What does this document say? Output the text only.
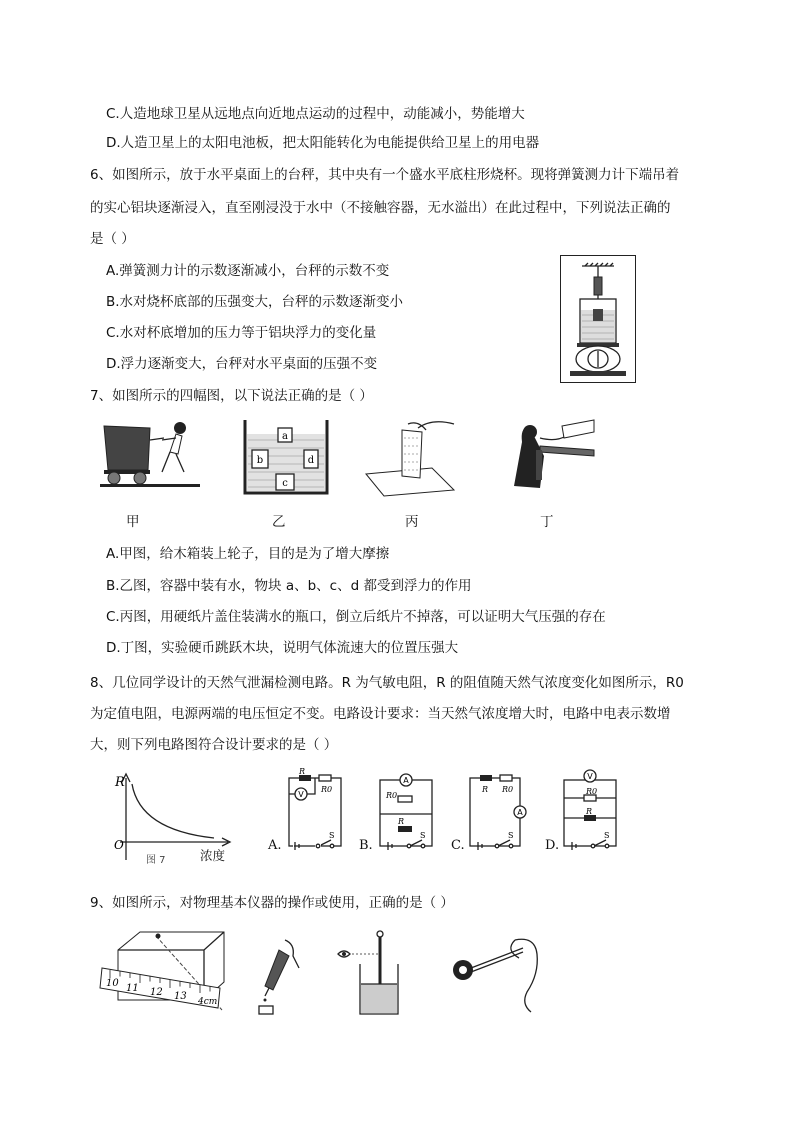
C.人造地球卫星从远地点向近地点运动的过程中，动能减小，势能增大
D.人造卫星上的太阳电池板，把太阳能转化为电能提供给卫星上的用电器
6、如图所示，放于水平桌面上的台秤，其中央有一个盛水平底柱形烧杯。现将弹簧测力计下端吊着
的实心铝块逐渐浸入，直至刚浸没于水中（不接触容器，无水溢出）在此过程中，下列说法正确的
是（ ）
A.弹簧测力计的示数逐渐减小，台秤的示数不变
B.水对烧杯底部的压强变大，台秤的示数逐渐变小
C.水对杯底增加的压力等于铝块浮力的变化量
D.浮力逐渐变大，台秤对水平桌面的压强不变
7、如图所示的四幅图，以下说法正确的是（ ）
a
b	d
c
甲	乙	丙	丁
A.甲图，给木箱装上轮子，目的是为了增大摩擦
B.乙图，容器中装有水，物块 a、b、c、d 都受到浮力的作用
C.丙图，用硬纸片盖住装满水的瓶口，倒立后纸片不掉落，可以证明大气压强的存在
D.丁图，实验硬币跳跃木块，说明气体流速大的位置压强大
8、几位同学设计的天然气泄漏检测电路。R 为气敏电阻，R 的阻值随天然气浓度变化如图所示，R0
为定值电阻，电源两端的电压恒定不变。电路设计要求：当天然气浓度增大时，电路中电表示数增
大，则下列电路图符合设计要求的是（ ）
R
O
图 7	浓度
A.
V
R
R0
S
B.
A
R0
R
S
C.
A
R R0
S
D.
V
R0
R
S
9、如图所示，对物理基本仪器的操作或使用，正确的是（ ）
10 11 12 13 4cm
